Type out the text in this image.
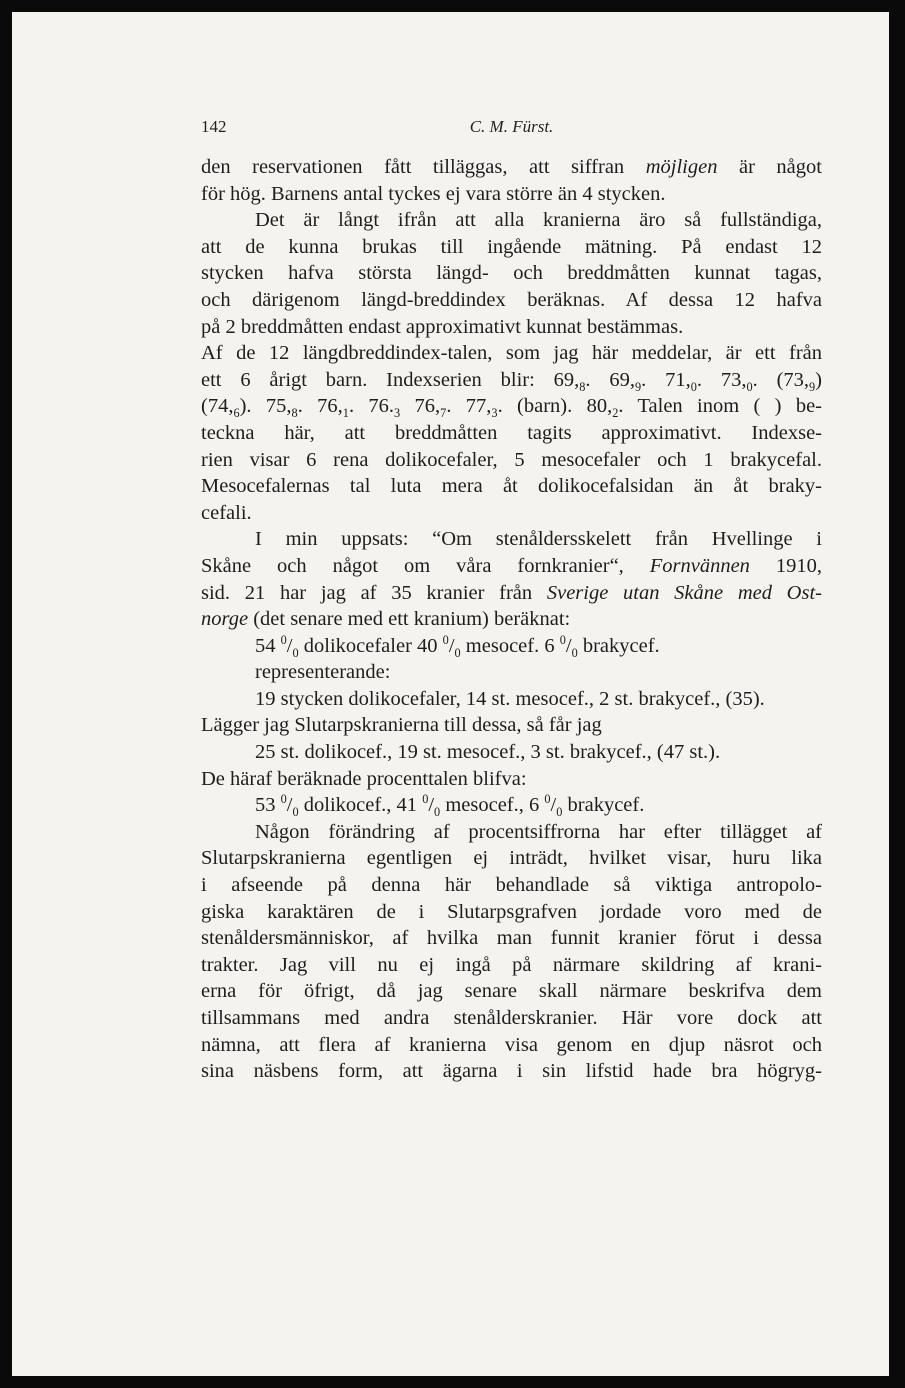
142	C. M. Fürst.
den reservationen fått tilläggas, att siffran möjligen är något
för hög. Barnens antal tyckes ej vara större än 4 stycken.
Det är långt ifrån att alla kranierna äro så fullständiga,
att de kunna brukas till ingående mätning. På endast 12
stycken hafva största längd- och breddmåtten kunnat tagas,
och därigenom längd-breddindex beräknas. Af dessa 12 hafva
på 2 breddmåtten endast approximativt kunnat bestämmas.
Af de 12 längdbreddindex-talen, som jag här meddelar, är ett från
ett 6 årigt barn. Indexserien blir: $69,_8$. $69,_9$. $71,_0$. $73,_0$. $(73,_9)$
$(74,_6)$. $75,_8$. $76,_1$. $76._3$ $76,_7$. $77,_3$. (barn). $80,_2$. Talen inom ( ) be-
teckna här, att breddmåtten tagits approximativt. Indexse-
rien visar 6 rena dolikocefaler, 5 mesocefaler och 1 brakycefal.
Mesocefalernas tal luta mera åt dolikocefalsidan än åt braky-
cefali.
I min uppsats: “Om stenåldersskelett från Hvellinge i
Skåne och något om våra fornkranier“, Fornvännen 1910,
sid. 21 har jag af 35 kranier från Sverige utan Skåne med Ost-
norge (det senare med ett kranium) beräknat:
54 $^0/_0$ dolikocefaler 40 $^0/_0$ mesocef. 6 $^0/_0$ brakycef.
representerande:
19 stycken dolikocefaler, 14 st. mesocef., 2 st. brakycef., (35).
Lägger jag Slutarpskranierna till dessa, så får jag
25 st. dolikocef., 19 st. mesocef., 3 st. brakycef., (47 st.).
De häraf beräknade procenttalen blifva:
53 $^0/_0$ dolikocef., 41 $^0/_0$ mesocef., 6 $^0/_0$ brakycef.
Någon förändring af procentsiffrorna har efter tillägget af
Slutarpskranierna egentligen ej inträdt, hvilket visar, huru lika
i afseende på denna här behandlade så viktiga antropolo-
giska karaktären de i Slutarpsgrafven jordade voro med de
stenåldersmänniskor, af hvilka man funnit kranier förut i dessa
trakter. Jag vill nu ej ingå på närmare skildring af krani-
erna för öfrigt, då jag senare skall närmare beskrifva dem
tillsammans med andra stenålderskranier. Här vore dock att
nämna, att flera af kranierna visa genom en djup näsrot och
sina näsbens form, att ägarna i sin lifstid hade bra högryg-
